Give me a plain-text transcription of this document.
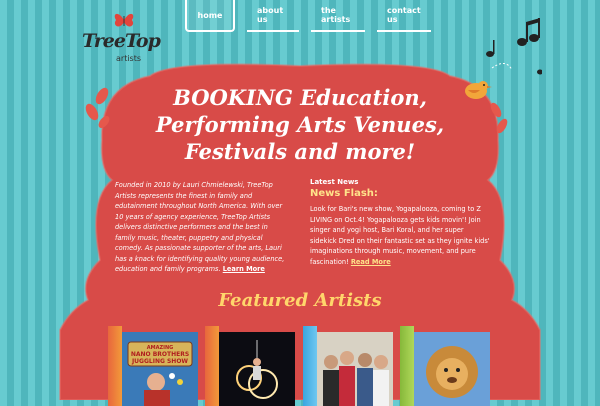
TreeTop
artists
home	about us
the artists
contact us
BOOKING Education,
Performing Arts Venues,
Festivals and more!
Founded in 2010 by Lauri Chmielewski, TreeTop Artists represents the finest in family and edutainment throughout North America. With over 10 years of agency experience, TreeTop Artists delivers distinctive performers and the best in family music, theater, puppetry and physical comedy. As passionate supporter of the arts, Lauri has a knack for identifying quality young audience, education and family programs. Learn More
Latest News
News Flash:
Look for Bari's new show, Yogapalooza, coming to Z LIVING on Oct.4! Yogapalooza gets kids movin'! Join singer and yogi host, Bari Koral, and her super sidekick Dred on their fantastic set as they ignite kids' imaginations through music, movement, and pure fascination! Read More
Featured Artists
AMAZING
NANO BROTHERS
JUGGLING SHOW
